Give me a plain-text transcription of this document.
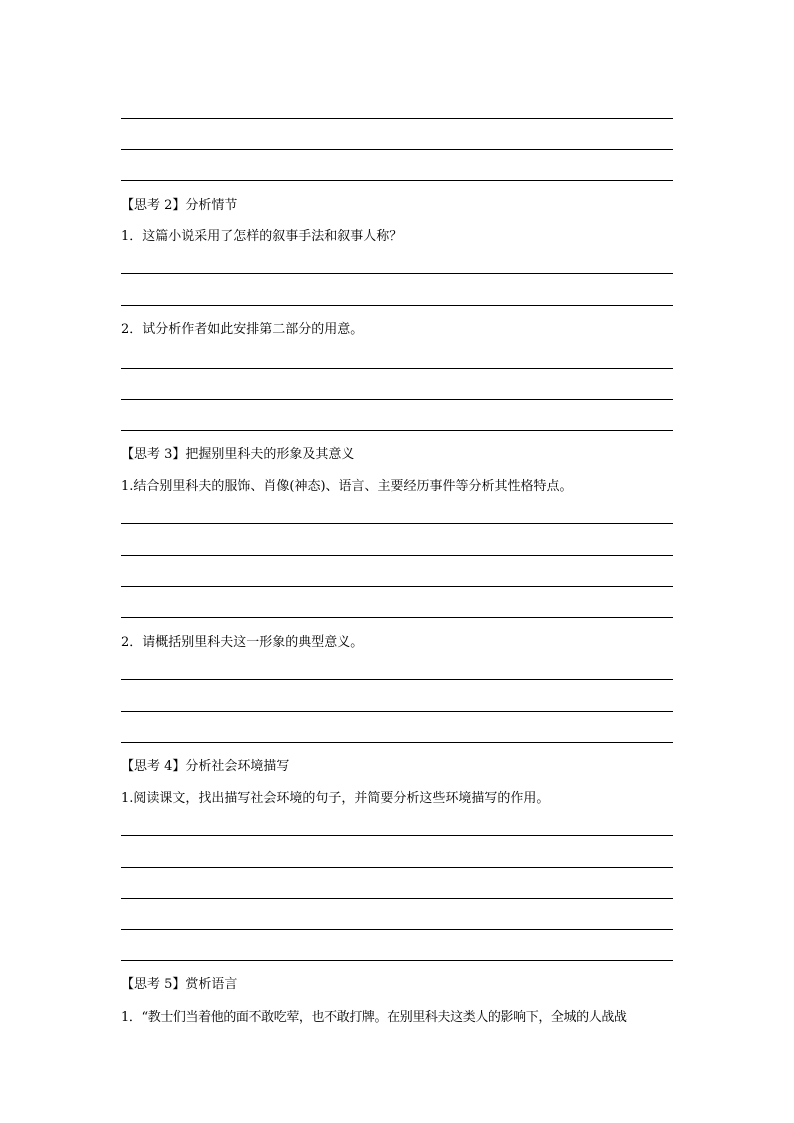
【思考 2】分析情节
1．这篇小说采用了怎样的叙事手法和叙事人称？
2．试分析作者如此安排第二部分的用意。
【思考 3】把握别里科夫的形象及其意义
1.结合别里科夫的服饰、肖像(神态)、语言、主要经历事件等分析其性格特点。
2．请概括别里科夫这一形象的典型意义。
【思考 4】分析社会环境描写
1.阅读课文，找出描写社会环境的句子，并简要分析这些环境描写的作用。
【思考 5】赏析语言
1．“教士们当着他的面不敢吃荤，也不敢打牌。在别里科夫这类人的影响下，全城的人战战
